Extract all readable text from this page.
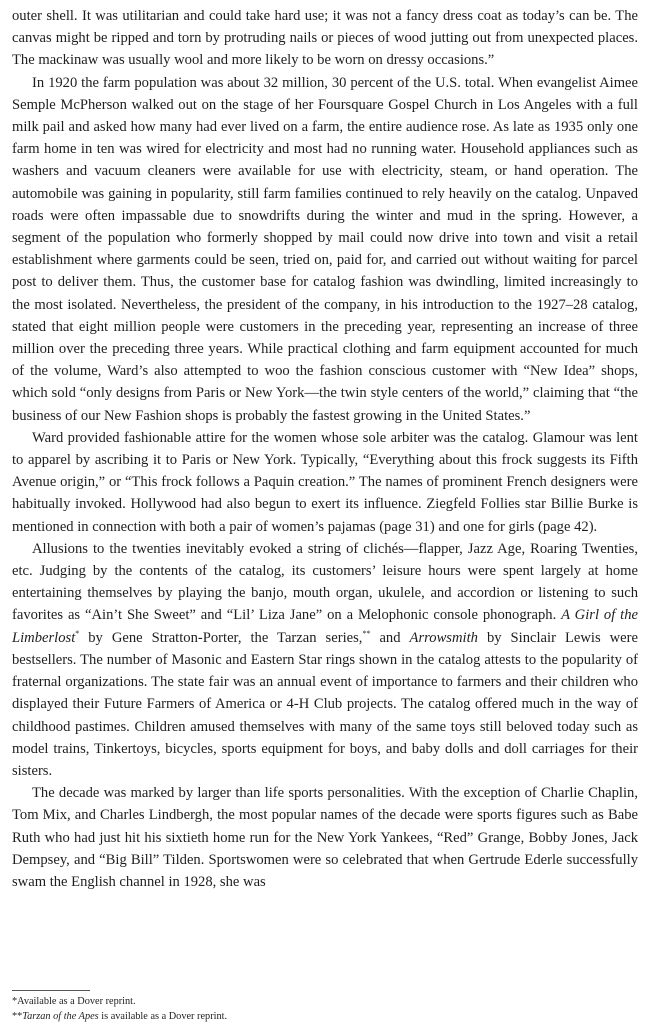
outer shell. It was utilitarian and could take hard use; it was not a fancy dress coat as today’s can be. The canvas might be ripped and torn by protruding nails or pieces of wood jutting out from unexpected places. The mackinaw was usually wool and more likely to be worn on dressy occasions.”

In 1920 the farm population was about 32 million, 30 percent of the U.S. total. When evangelist Aimee Semple McPherson walked out on the stage of her Foursquare Gospel Church in Los Angeles with a full milk pail and asked how many had ever lived on a farm, the entire audience rose. As late as 1935 only one farm home in ten was wired for electricity and most had no running water. Household appliances such as washers and vacuum cleaners were available for use with electricity, steam, or hand operation. The automobile was gaining in popularity, still farm families continued to rely heavily on the catalog. Unpaved roads were often impassable due to snowdrifts during the winter and mud in the spring. However, a segment of the population who formerly shopped by mail could now drive into town and visit a retail establishment where garments could be seen, tried on, paid for, and carried out without waiting for parcel post to deliver them. Thus, the customer base for catalog fashion was dwindling, limited increasingly to the most isolated. Nevertheless, the president of the company, in his introduction to the 1927–28 catalog, stated that eight million people were customers in the preceding year, representing an increase of three million over the preceding three years. While practical clothing and farm equipment accounted for much of the volume, Ward’s also attempted to woo the fashion conscious customer with “New Idea” shops, which sold “only designs from Paris or New York—the twin style centers of the world,” claiming that “the business of our New Fashion shops is probably the fastest growing in the United States.”

Ward provided fashionable attire for the women whose sole arbiter was the catalog. Glamour was lent to apparel by ascribing it to Paris or New York. Typically, “Everything about this frock suggests its Fifth Avenue origin,” or “This frock follows a Paquin creation.” The names of prominent French designers were habitually invoked. Hollywood had also begun to exert its influence. Ziegfeld Follies star Billie Burke is mentioned in connection with both a pair of women’s pajamas (page 31) and one for girls (page 42).

Allusions to the twenties inevitably evoked a string of clichés—flapper, Jazz Age, Roaring Twenties, etc. Judging by the contents of the catalog, its customers’ leisure hours were spent largely at home entertaining themselves by playing the banjo, mouth organ, ukulele, and accordion or listening to such favorites as “Ain’t She Sweet” and “Lil’ Liza Jane” on a Melophonic console phonograph. A Girl of the Limberlost* by Gene Stratton-Porter, the Tarzan series,** and Arrowsmith by Sinclair Lewis were bestsellers. The number of Masonic and Eastern Star rings shown in the catalog attests to the popularity of fraternal organizations. The state fair was an annual event of importance to farmers and their children who displayed their Future Farmers of America or 4-H Club projects. The catalog offered much in the way of childhood pastimes. Children amused themselves with many of the same toys still beloved today such as model trains, Tinkertoys, bicycles, sports equipment for boys, and baby dolls and doll carriages for their sisters.

The decade was marked by larger than life sports personalities. With the exception of Charlie Chaplin, Tom Mix, and Charles Lindbergh, the most popular names of the decade were sports figures such as Babe Ruth who had just hit his sixtieth home run for the New York Yankees, “Red” Grange, Bobby Jones, Jack Dempsey, and “Big Bill” Tilden. Sportswomen were so celebrated that when Gertrude Ederle successfully swam the English channel in 1928, she was

*Available as a Dover reprint.
**Tarzan of the Apes is available as a Dover reprint.
